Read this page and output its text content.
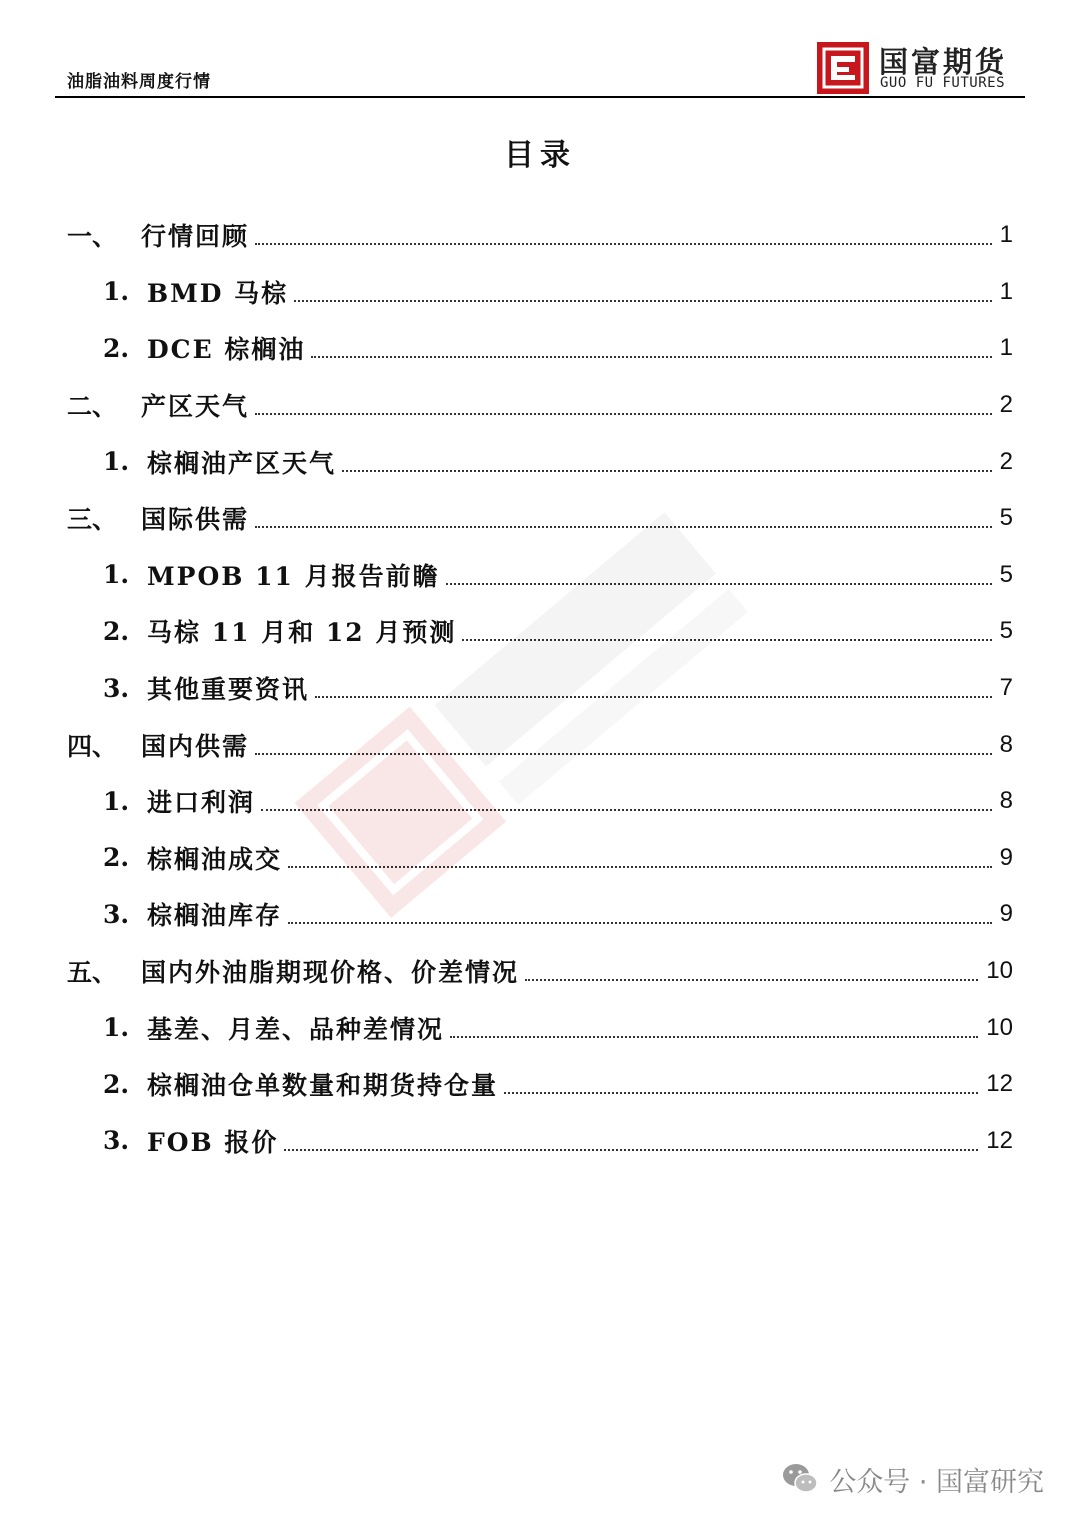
油脂油料周度行情
国富期货
GUO FU FUTURES
目录
一、 行情回顾	1
1. BMD 马棕	1
2. DCE 棕榈油	1
二、 产区天气	2
1. 棕榈油产区天气	2
三、 国际供需	5
1. MPOB 11 月报告前瞻	5
2. 马棕 11 月和 12 月预测	5
3. 其他重要资讯	7
四、 国内供需	8
1. 进口利润	8
2. 棕榈油成交	9
3. 棕榈油库存	9
五、 国内外油脂期现价格、价差情况	10
1. 基差、月差、品种差情况	10
2. 棕榈油仓单数量和期货持仓量	12
3. FOB 报价	12
公众号 · 国富研究
